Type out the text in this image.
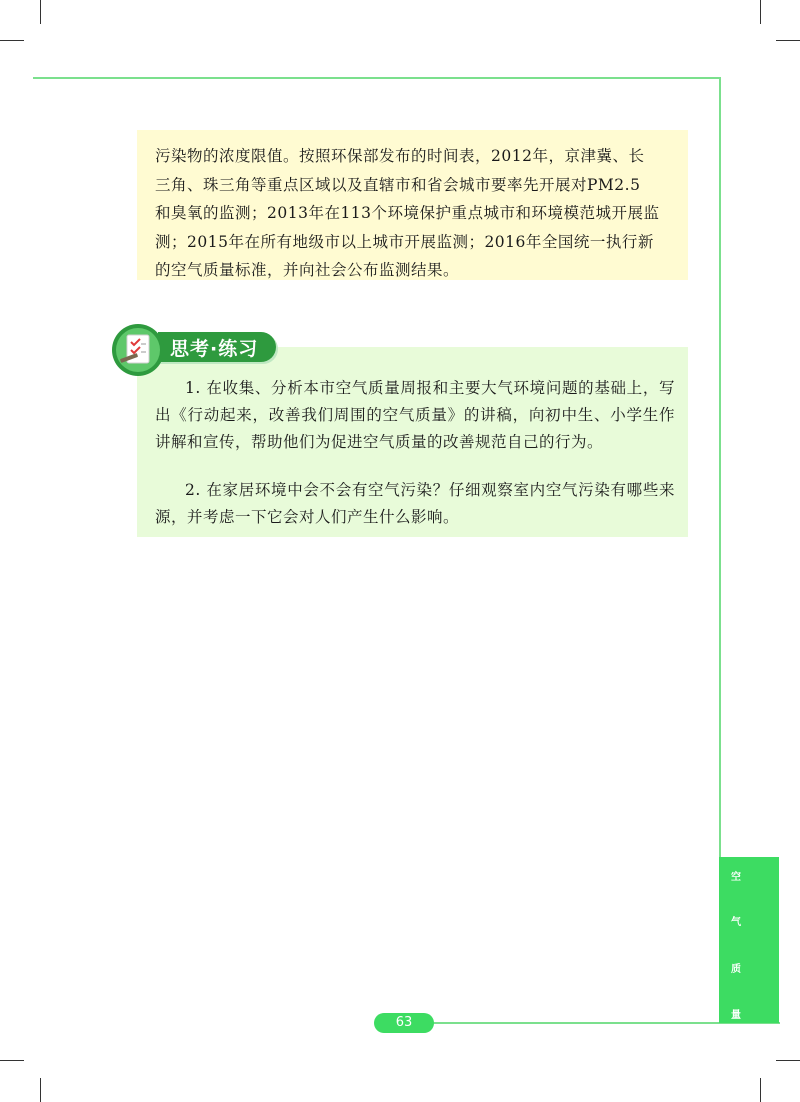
污染物的浓度限值。按照环保部发布的时间表，2012年，京津冀、长
三角、珠三角等重点区域以及直辖市和省会城市要率先开展对PM2.5
和臭氧的监测；2013年在113个环境保护重点城市和环境模范城开展监
测；2015年在所有地级市以上城市开展监测；2016年全国统一执行新
的空气质量标准，并向社会公布监测结果。
思考·练习
1. 在收集、分析本市空气质量周报和主要大气环境问题的基础上，写出《行动起来，改善我们周围的空气质量》的讲稿，向初中生、小学生作讲解和宣传，帮助他们为促进空气质量的改善规范自己的行为。
2. 在家居环境中会不会有空气污染？仔细观察室内空气污染有哪些来源，并考虑一下它会对人们产生什么影响。
空
气
质
量
63
